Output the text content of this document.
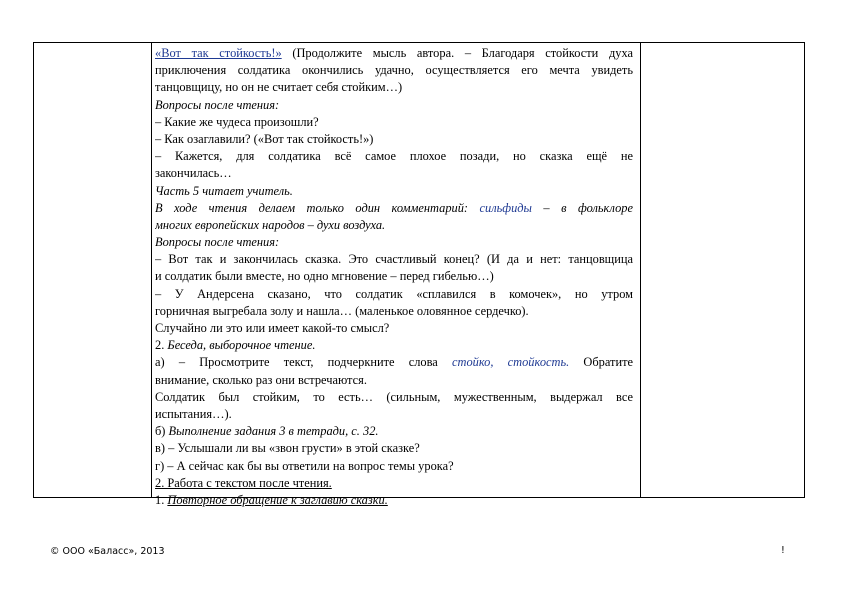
«Вот так стойкость!» (Продолжите мысль автора. – Благодаря стойкости духа
приключения солдатика окончились удачно, осуществляется его мечта увидеть
танцовщицу, но он не считает себя стойким…)
Вопросы после чтения:
– Какие же чудеса произошли?
– Как озаглавили? («Вот так стойкость!»)
– Кажется, для солдатика всё самое плохое позади, но сказка ещё не
закончилась…
Часть 5 читает учитель.
В ходе чтения делаем только один комментарий: сильфиды – в фольклоре
многих европейских народов – духи воздуха.
Вопросы после чтения:
– Вот так и закончилась сказка. Это счастливый конец? (И да и нет: танцовщица
и солдатик были вместе, но одно мгновение – перед гибелью…)
– У Андерсена сказано, что солдатик «сплавился в комочек», но утром
горничная выгребала золу и нашла… (маленькое оловянное сердечко).
Случайно ли это или имеет какой-то смысл?
2. Беседа, выборочное чтение.
а) – Просмотрите текст, подчеркните слова стойко, стойкость. Обратите
внимание, сколько раз они встречаются.
Солдатик был стойким, то есть… (сильным, мужественным, выдержал все
испытания…).
б) Выполнение задания 3 в тетради, с. 32.
в) – Услышали ли вы «звон грусти» в этой сказке?
г) – А сейчас как бы вы ответили на вопрос темы урока?
2. Работа с текстом после чтения.
1. Повторное обращение к заглавию сказки.
© ООО «Баласс», 2013	!
